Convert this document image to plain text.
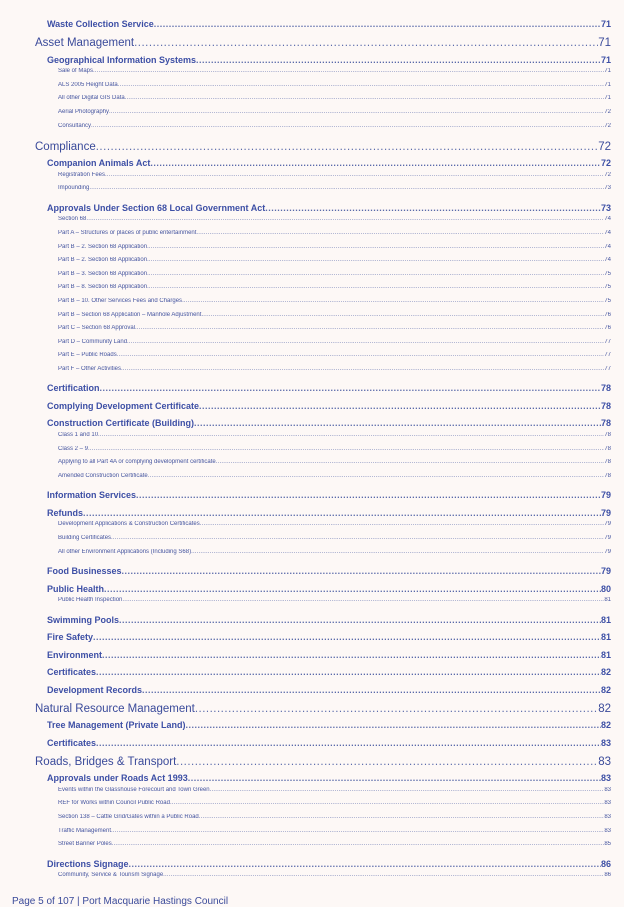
Waste Collection Service .....	71
Asset Management .....	71
Geographical Information Systems .....	71
Sale of Maps .....	71
ALS 2005 Height Data .....	71
All other Digital GIS Data .....	71
Aerial Photography .....	72
Consultancy .....	72
Compliance .....	72
Companion Animals Act .....	72
Registration Fees .....	72
Impounding .....	73
Approvals Under Section 68 Local Government Act .....	73
Section 68 .....	74
Part A – Structures or places of public entertainment .....	74
Part B – 2. Section 68 Application .....	74
Part B – 2. Section 68 Application .....	74
Part B – 3. Section 68 Application .....	75
Part B – 8. Section 68 Application .....	75
Part B – 10. Other Services Fees and Charges .....	75
Part B – Section 68 Application – Manhole Adjustment .....	76
Part C – Section 68 Approval .....	76
Part D – Community Land .....	77
Part E – Public Roads .....	77
Part F – Other Activities .....	77
Certification .....	78
Complying Development Certificate .....	78
Construction Certificate (Building) .....	78
Class 1 and 10 .....	78
Class 2 – 9 .....	78
Applying to all Part 4A or complying development certificate .....	78
Amended Construction Certificate .....	78
Information Services .....	79
Refunds .....	79
Development Applications & Construction Certificates .....	79
Building Certificates .....	79
All other Environment Applications (Including S68) .....	79
Food Businesses .....	79
Public Health .....	80
Public Health Inspection .....	81
Swimming Pools .....	81
Fire Safety .....	81
Environment .....	81
Certificates .....	82
Development Records .....	82
Natural Resource Management .....	82
Tree Management (Private Land) .....	82
Certificates .....	83
Roads, Bridges & Transport .....	83
Approvals under Roads Act 1993 .....	83
Events within the Glasshouse Forecourt and Town Green .....	83
REF for Works within Council Public Road .....	83
Section 138 – Cattle Grid/Gates within a Public Road .....	83
Traffic Management .....	83
Street Banner Poles .....	85
Directions Signage .....	86
Community, Service & Tourism Signage .....	86
Page 5 of 107 | Port Macquarie Hastings Council
